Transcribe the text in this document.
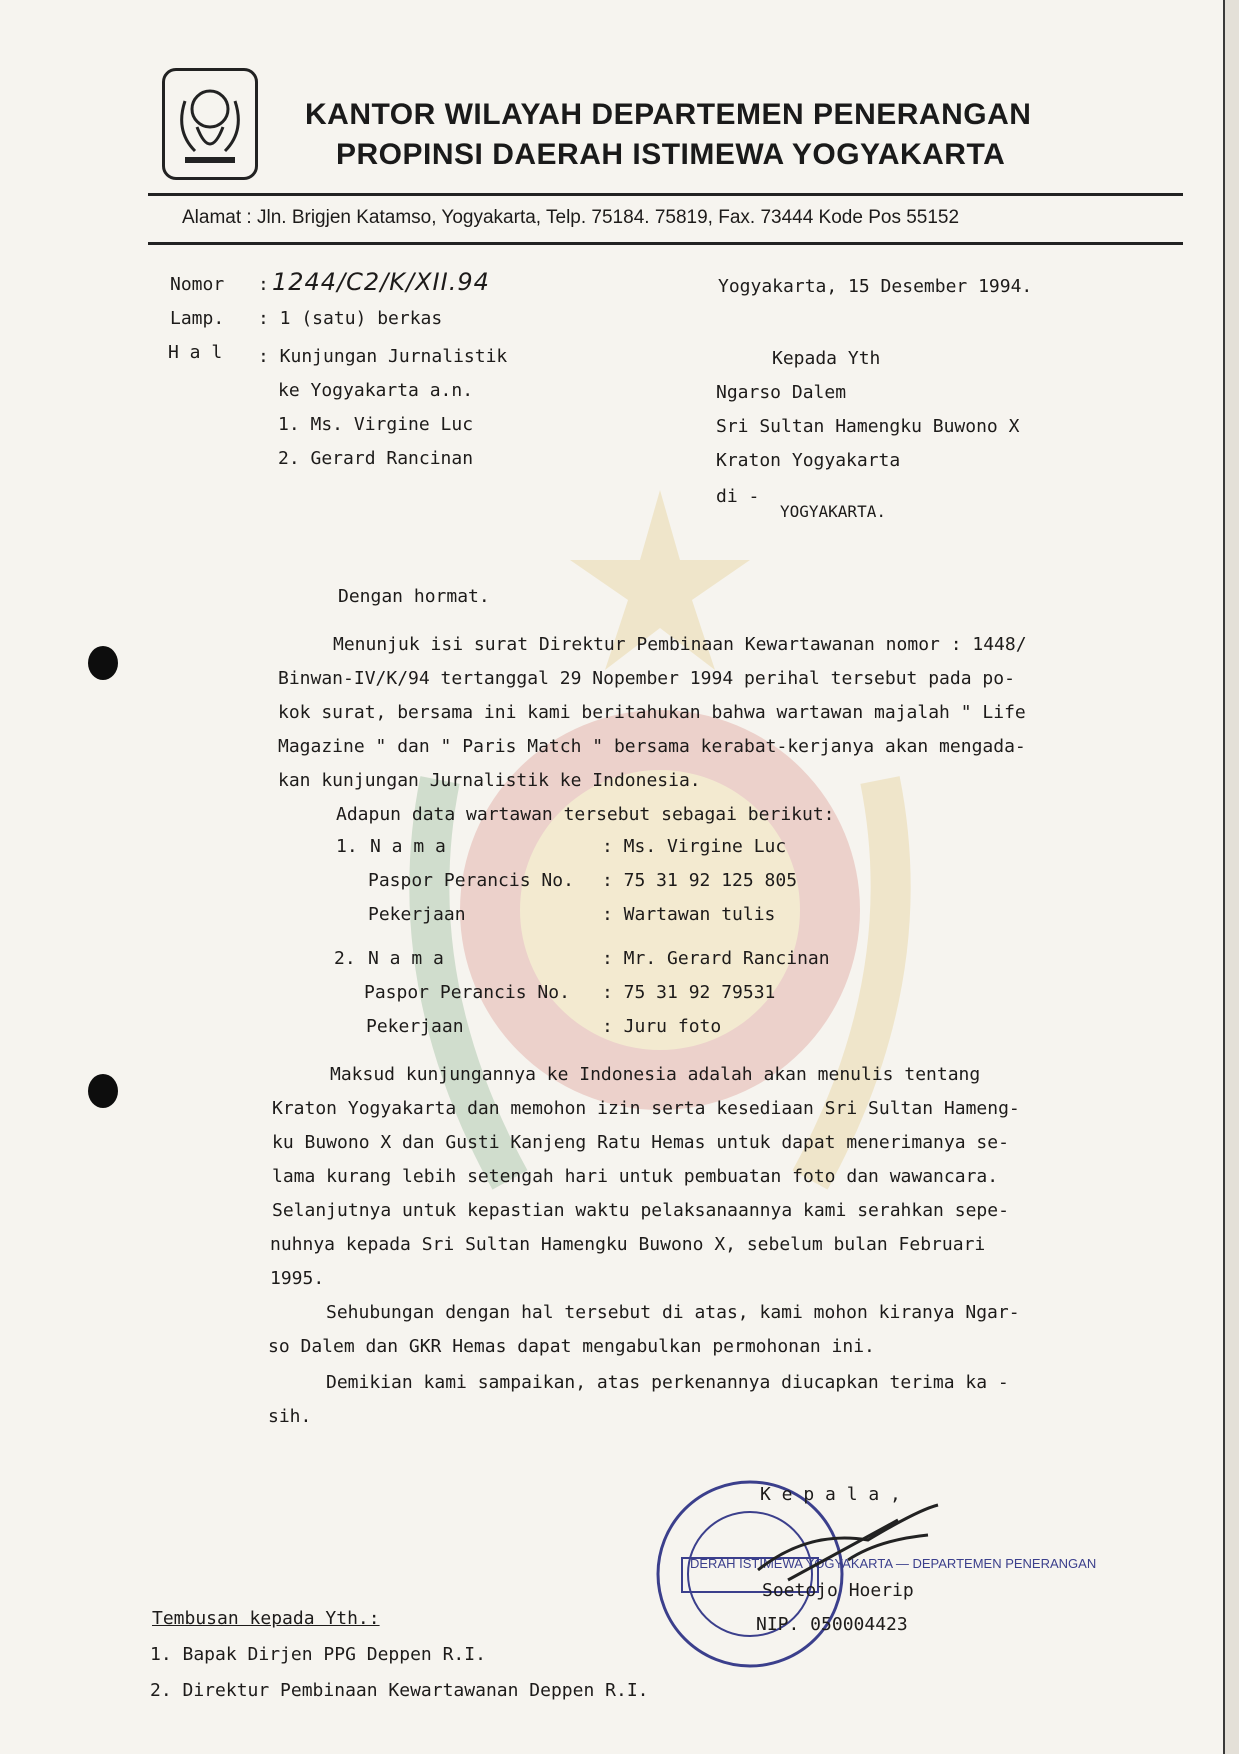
KANTOR WILAYAH DEPARTEMEN PENERANGAN
PROPINSI DAERAH ISTIMEWA YOGYAKARTA
Alamat : Jln. Brigjen Katamso, Yogyakarta, Telp. 75184. 75819, Fax. 73444 Kode Pos 55152
Nomor : 1244/C2/K/XII.94
Lamp. : 1 (satu) berkas
H a l : Kunjungan Jurnalistik
ke Yogyakarta a.n.
1. Ms. Virgine Luc
2. Gerard Rancinan
Yogyakarta, 15 Desember 1994.
Kepada Yth
Ngarso Dalem
Sri Sultan Hamengku Buwono X
Kraton Yogyakarta
di -
YOGYAKARTA.
Dengan hormat.
Menunjuk isi surat Direktur Pembinaan Kewartawanan nomor : 1448/
Binwan-IV/K/94 tertanggal 29 Nopember 1994 perihal tersebut pada po-
kok surat, bersama ini kami beritahukan bahwa wartawan majalah " Life
Magazine " dan " Paris Match " bersama kerabat-kerjanya akan mengada-
kan kunjungan Jurnalistik ke Indonesia.
Adapun data wartawan tersebut sebagai berikut:
1. N a m a	: Ms. Virgine Luc
Paspor Perancis No. : 75 31 92 125 805
Pekerjaan	: Wartawan tulis
2. N a m a	: Mr. Gerard Rancinan
Paspor Perancis No. : 75 31 92 79531
Pekerjaan	: Juru foto
Maksud kunjungannya ke Indonesia adalah akan menulis tentang
Kraton Yogyakarta dan memohon izin serta kesediaan Sri Sultan Hameng-
ku Buwono X dan Gusti Kanjeng Ratu Hemas untuk dapat menerimanya se-
lama kurang lebih setengah hari untuk pembuatan foto dan wawancara.
Selanjutnya untuk kepastian waktu pelaksanaannya kami serahkan sepe-
nuhnya kepada Sri Sultan Hamengku Buwono X, sebelum bulan Februari
1995.
Sehubungan dengan hal tersebut di atas, kami mohon kiranya Ngar-
so Dalem dan GKR Hemas dapat mengabulkan permohonan ini.
Demikian kami sampaikan, atas perkenannya diucapkan terima ka -
sih.
DERAH ISTIMEWA YOGYAKARTA — DEPARTEMEN PENERANGAN
K e p a l a ,
Soetojo Hoerip
NIP. 050004423
Tembusan kepada Yth.:
1. Bapak Dirjen PPG Deppen R.I.
2. Direktur Pembinaan Kewartawanan Deppen R.I.
